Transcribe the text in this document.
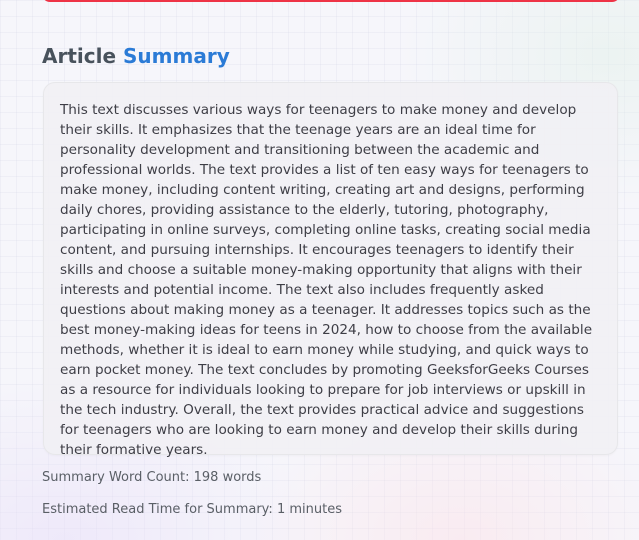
Article Summary

This text discusses various ways for teenagers to make money and develop their skills. It emphasizes that the teenage years are an ideal time for personality development and transitioning between the academic and professional worlds. The text provides a list of ten easy ways for teenagers to make money, including content writing, creating art and designs, performing daily chores, providing assistance to the elderly, tutoring, photography, participating in online surveys, completing online tasks, creating social media content, and pursuing internships. It encourages teenagers to identify their skills and choose a suitable money-making opportunity that aligns with their interests and potential income. The text also includes frequently asked questions about making money as a teenager. It addresses topics such as the best money-making ideas for teens in 2024, how to choose from the available methods, whether it is ideal to earn money while studying, and quick ways to earn pocket money. The text concludes by promoting GeeksforGeeks Courses as a resource for individuals looking to prepare for job interviews or upskill in the tech industry. Overall, the text provides practical advice and suggestions for teenagers who are looking to earn money and develop their skills during their formative years.

Summary Word Count: 198 words

Estimated Read Time for Summary: 1 minutes
